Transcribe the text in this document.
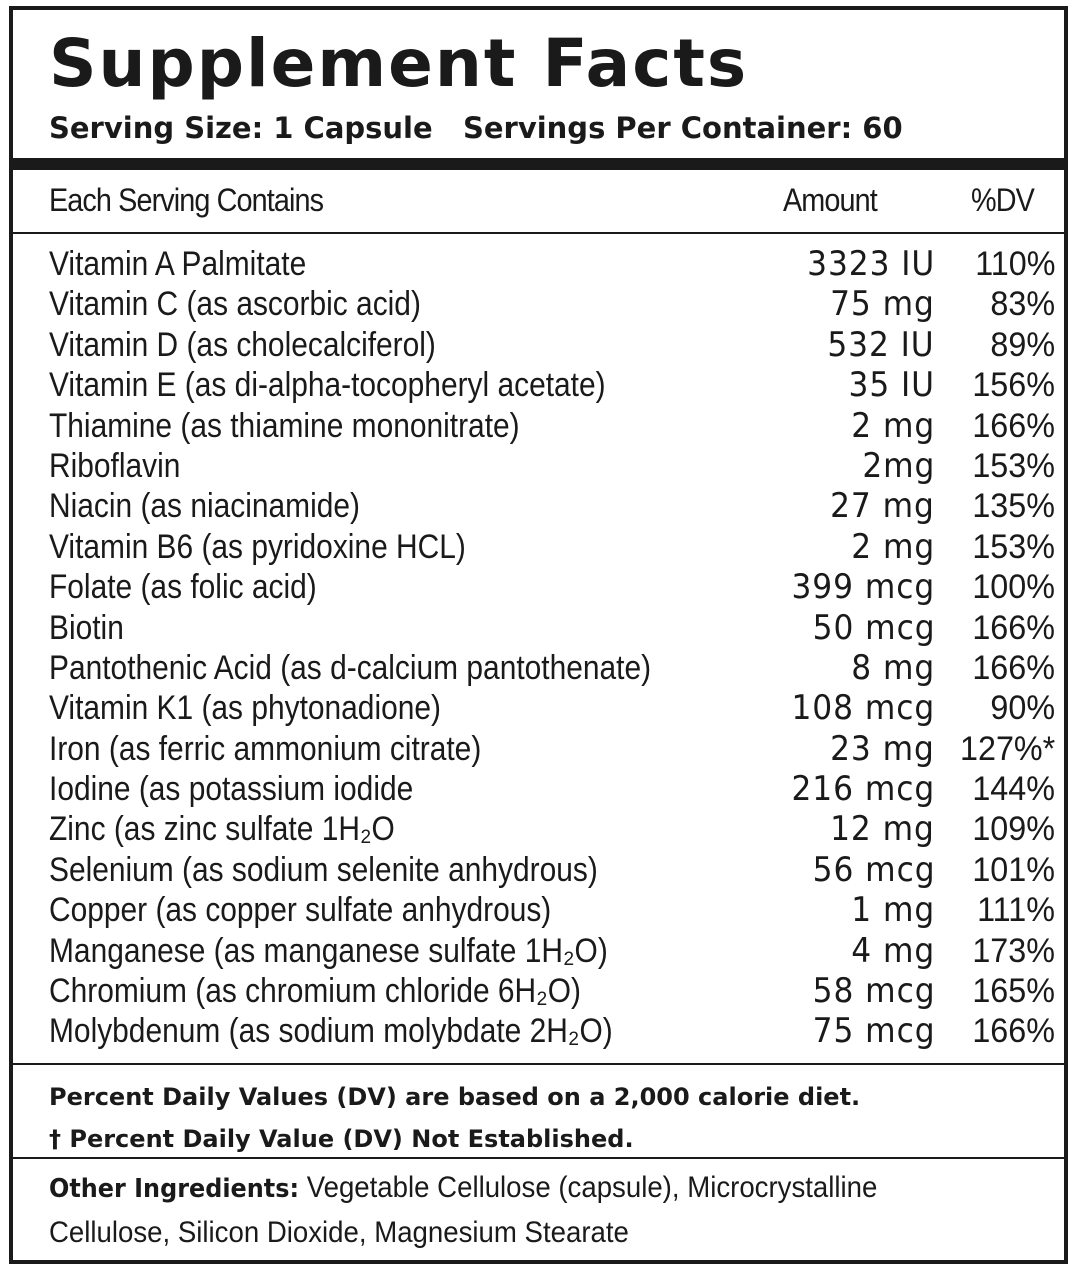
Supplement Facts
Serving Size: 1 Capsule   Servings Per Container: 60
Each Serving Contains	Amount	%DV
Vitamin A Palmitate	3323 IU 110%
Vitamin C (as ascorbic acid)	75 mg 83%
Vitamin D (as cholecalciferol)	532 IU 89%
Vitamin E (as di-alpha-tocopheryl acetate)	35 IU 156%
Thiamine (as thiamine mononitrate)	2 mg 166%
Riboflavin	2mg 153%
Niacin (as niacinamide)	27 mg 135%
Vitamin B6 (as pyridoxine HCL)	2 mg 153%
Folate (as folic acid)	399 mcg 100%
Biotin	50 mcg 166%
Pantothenic Acid (as d-calcium pantothenate)	8 mg 166%
Vitamin K1 (as phytonadione)	108 mcg 90%
Iron (as ferric ammonium citrate)	23 mg 127%*
Iodine (as potassium iodide	216 mcg 144%
Zinc (as zinc sulfate 1H₂O	12 mg 109%
Selenium (as sodium selenite anhydrous)	56 mcg 101%
Copper (as copper sulfate anhydrous)	1 mg 111%
Manganese (as manganese sulfate 1H₂O)	4 mg 173%
Chromium (as chromium chloride 6H₂O)	58 mcg 165%
Molybdenum (as sodium molybdate 2H₂O)	75 mcg 166%
Percent Daily Values (DV) are based on a 2,000 calorie diet.
† Percent Daily Value (DV) Not Established.
Other Ingredients: Vegetable Cellulose (capsule), Microcrystalline Cellulose, Silicon Dioxide, Magnesium Stearate
